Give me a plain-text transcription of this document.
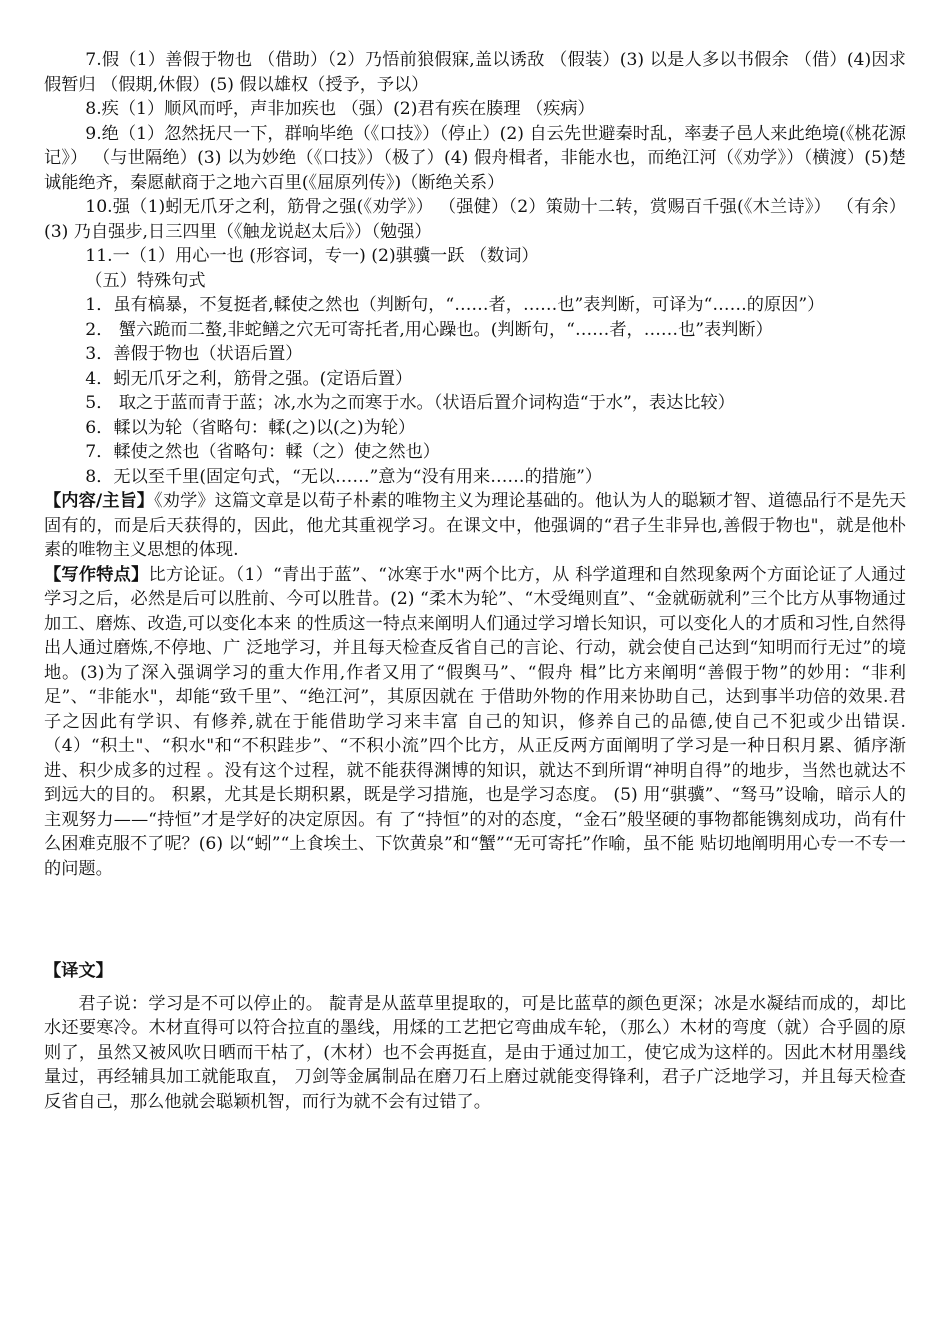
7.假（1）善假于物也 （借助）（2）乃悟前狼假寐,盖以诱敌 （假装）(3) 以是人多以书假余 （借）(4)因求假暂归 （假期,休假）(5) 假以雄权（授予，予以）

8.疾（1）顺风而呼，声非加疾也 （强）(2)君有疾在腠理 （疾病）

9.绝（1）忽然抚尺一下，群响毕绝（《口技》）（停止）(2) 自云先世避秦时乱，率妻子邑人来此绝境(《桃花源记》） （与世隔绝）(3) 以为妙绝（《口技》）（极了）(4) 假舟楫者，非能水也，而绝江河（《劝学》）（横渡）(5)楚诚能绝齐，秦愿献商于之地六百里(《屈原列传》)（断绝关系）

10.强（1)蚓无爪牙之利，筋骨之强(《劝学》） （强健）（2）策勋十二转，赏赐百千强(《木兰诗》） （有余）(3) 乃自强步,日三四里（《触龙说赵太后》）（勉强）

11.一（1）用心一也 (形容词，专一) (2)骐骥一跃 （数词）

（五）特殊句式

1．虽有槁暴，不复挺者,輮使之然也（判断句，“……者，……也”表判断，可译为“……的原因”）

2． 蟹六跪而二螯,非蛇鳝之穴无可寄托者,用心躁也。(判断句，“……者，……也”表判断）

3．善假于物也（状语后置）

4．蚓无爪牙之利，筋骨之强。(定语后置）

5． 取之于蓝而青于蓝；冰,水为之而寒于水。（状语后置介词构造“于水”，表达比较）

6．輮以为轮（省略句：輮(之)以(之)为轮）

7．輮使之然也（省略句：輮（之）使之然也）

8．无以至千里(固定句式，“无以……”意为“没有用来……的措施”）

【内容/主旨】《劝学》这篇文章是以荀子朴素的唯物主义为理论基础的。他认为人的聪颖才智、道德品行不是先天固有的，而是后天获得的，因此，他尤其重视学习。在课文中，他强调的“君子生非异也,善假于物也"，就是他朴素的唯物主义思想的体现.

【写作特点】比方论证。（1）“青出于蓝”、“冰寒于水"两个比方，从 科学道理和自然现象两个方面论证了人通过学习之后，必然是后可以胜前、今可以胜昔。(2) “柔木为轮”、“木受绳则直”、“金就砺就利”三个比方从事物通过加工、磨炼、改造,可以变化本来 的性质这一特点来阐明人们通过学习增长知识，可以变化人的才质和习性,自然得出人通过磨炼,不停地、广 泛地学习，并且每天检查反省自己的言论、行动，就会使自己达到“知明而行无过”的境地。(3)为了深入强调学习的重大作用,作者又用了“假舆马”、“假舟 楫”比方来阐明“善假于物”的妙用：“非利足”、“非能水"，却能“致千里”、“绝江河”，其原因就在 于借助外物的作用来协助自己，达到事半功倍的效果.君子之因此有学识、有修养,就在于能借助学习来丰富 自己的知识，修养自己的品德,使自己不犯或少出错误.（4）“积土"、“积水"和“不积跬步”、“不积小流”四个比方，从正反两方面阐明了学习是一种日积月累、循序渐进、积少成多的过程 。没有这个过程，就不能获得渊博的知识，就达不到所谓“神明自得”的地步，当然也就达不到远大的目的。 积累，尤其是长期积累，既是学习措施，也是学习态度。 (5) 用“骐骥”、“驽马”设喻，暗示人的主观努力——“持恒”才是学好的决定原因。有 了“持恒”的对的态度，“金石”般坚硬的事物都能镌刻成功，尚有什么困难克服不了呢？(6) 以“蚓”“上食埃土、下饮黄泉”和“蟹”“无可寄托”作喻，虽不能 贴切地阐明用心专一不专一的问题。

【译文】

君子说：学习是不可以停止的。 靛青是从蓝草里提取的，可是比蓝草的颜色更深；冰是水凝结而成的，却比水还要寒冷。木材直得可以符合拉直的墨线，用煣的工艺把它弯曲成车轮，（那么）木材的弯度（就）合乎圆的原则了，虽然又被风吹日晒而干枯了，(木材）也不会再挺直，是由于通过加工，使它成为这样的。因此木材用墨线量过，再经辅具加工就能取直， 刀剑等金属制品在磨刀石上磨过就能变得锋利，君子广泛地学习，并且每天检查反省自己，那么他就会聪颖机智，而行为就不会有过错了。
